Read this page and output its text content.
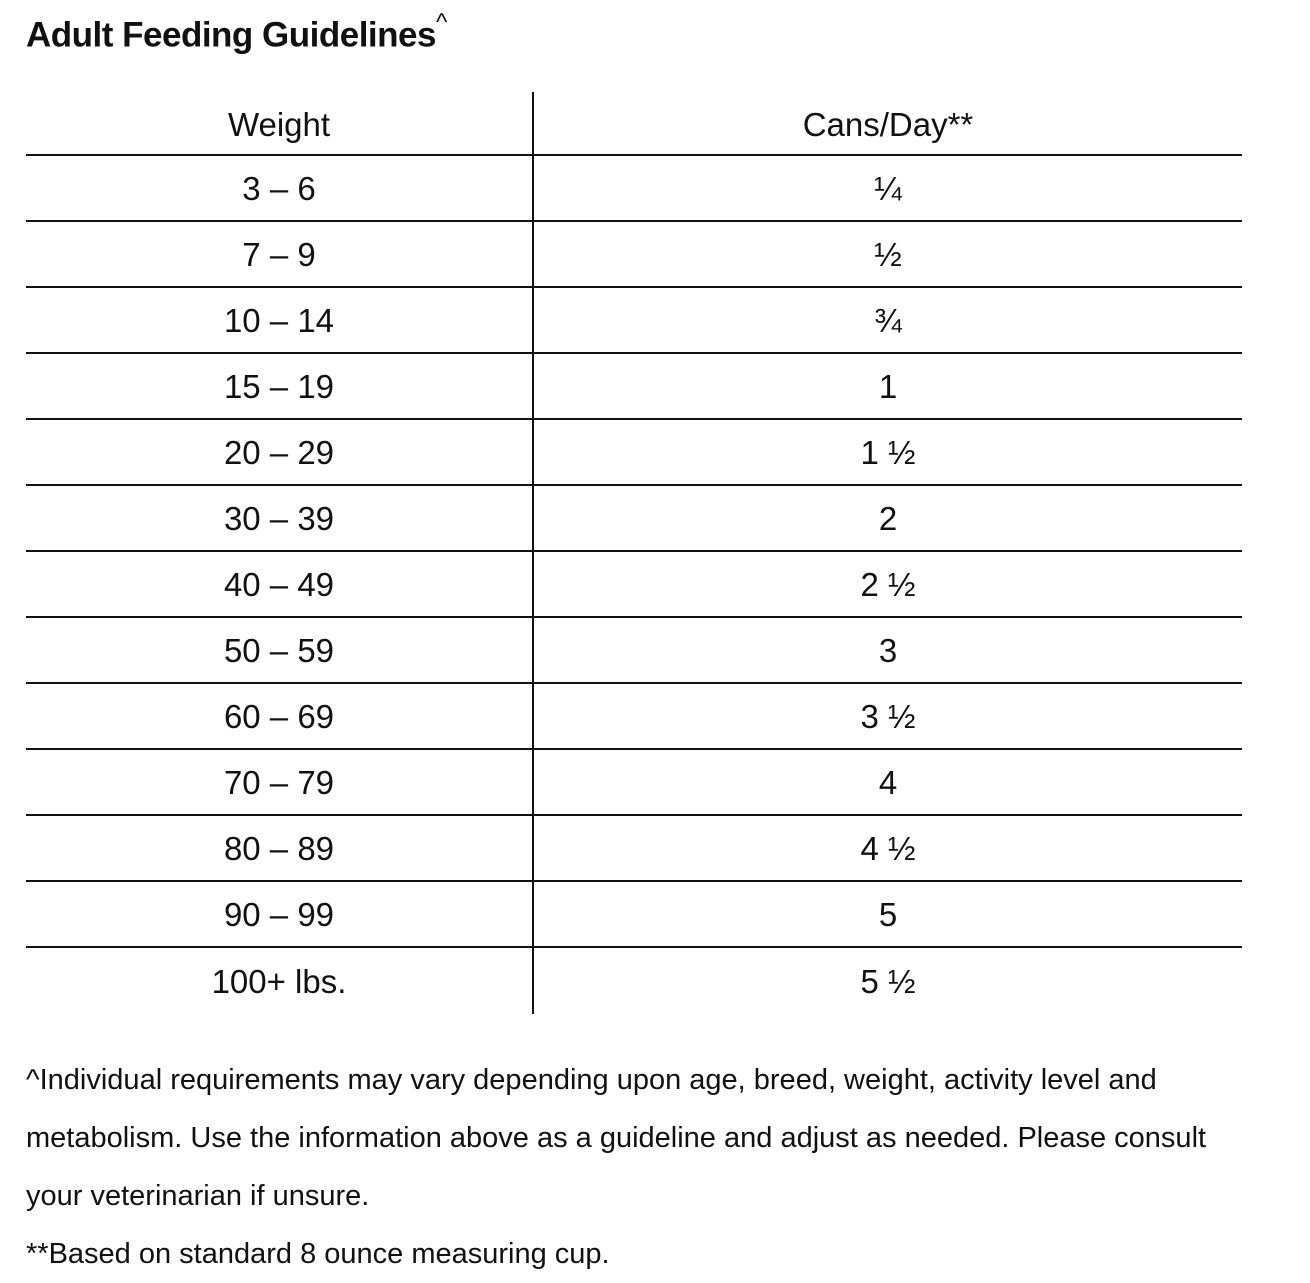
Adult Feeding Guidelines^
Weight	Cans/Day**
3 – 6	¼
7 – 9	½
10 – 14	¾
15 – 19	1
20 – 29	1 ½
30 – 39	2
40 – 49	2 ½
50 – 59	3
60 – 69	3 ½
70 – 79	4
80 – 89	4 ½
90 – 99	5
100+ lbs.	5 ½

^Individual requirements may vary depending upon age, breed, weight, activity level and metabolism. Use the information above as a guideline and adjust as needed. Please consult your veterinarian if unsure.

**Based on standard 8 ounce measuring cup.
